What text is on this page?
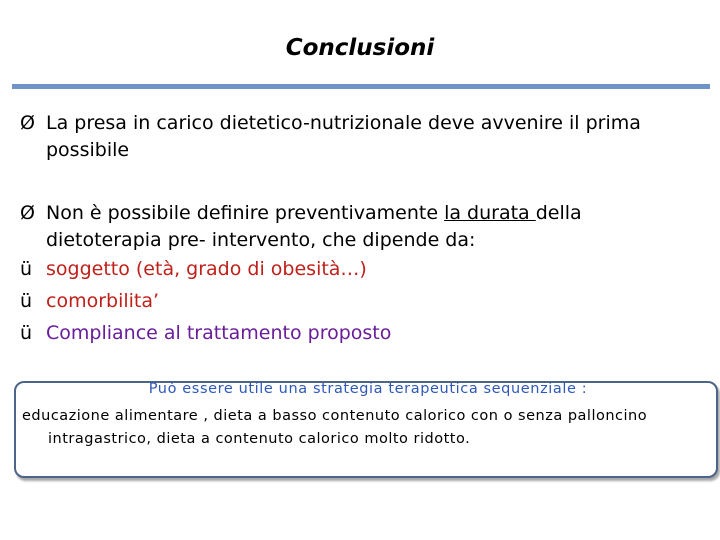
Conclusioni
Ø La presa in carico dietetico-nutrizionale deve avvenire il prima
possibile
Ø Non è possibile definire preventivamente la durata della
dietoterapia pre- intervento, che dipende da:
ü soggetto (età, grado di obesità…)
ü comorbilita’
ü Compliance al trattamento proposto
Può essere utile una strategia terapeutica sequenziale :
educazione alimentare , dieta a basso contenuto calorico con o senza palloncino
intragastrico, dieta a contenuto calorico molto ridotto.
